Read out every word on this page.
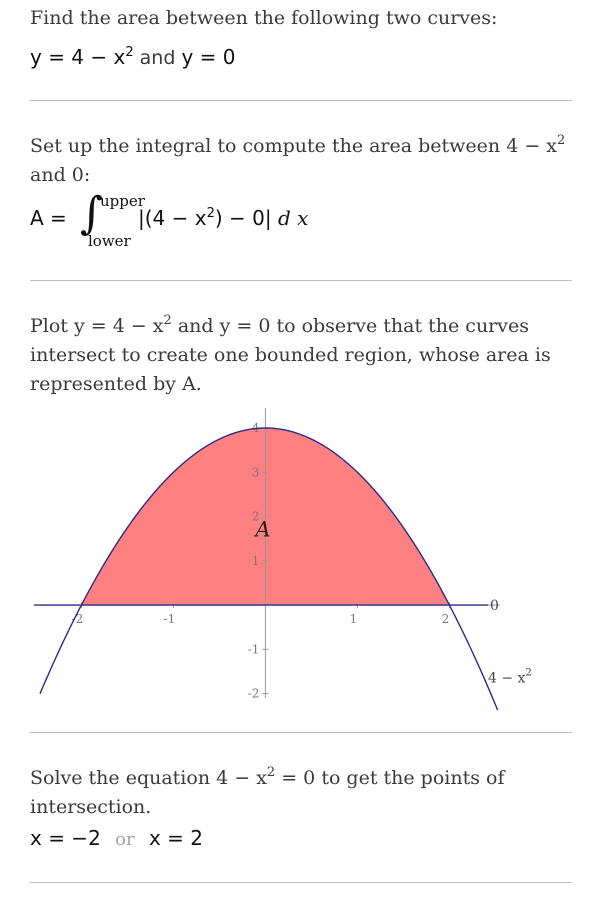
Find the area between the following two curves:
$y = 4 - x^2$ and y = 0
Set up the integral to compute the area between $4 - x^2$
and 0:
A = ∫
upper
lower
$|(4 - x^2) - 0|$ d x
Plot $y = 4 - x^2$ and y = 0 to observe that the curves
intersect to create one bounded region, whose area is
represented by A.
-2	-1	1	2
-2
-1
1
2
3
4
A
$4 - x^2$
0
Solve the equation $4 - x^2 = 0$ to get the points of
intersection.
x = −2 or x = 2
